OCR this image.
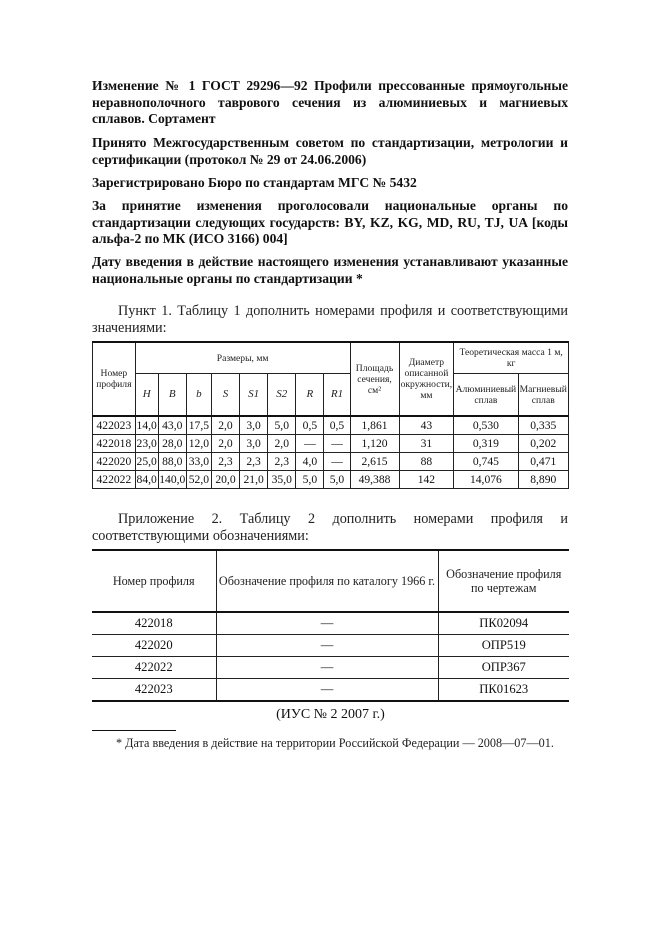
Изменение № 1 ГОСТ 29296—92 Профили прессованные прямоугольные неравнополочного таврового сечения из алюминиевых и магниевых сплавов. Сортамент

Принято Межгосударственным советом по стандартизации, метрологии и сертификации (протокол № 29 от 24.06.2006)

Зарегистрировано Бюро по стандартам МГС № 5432

За принятие изменения проголосовали национальные органы по стандартизации следующих государств: BY, KZ, KG, MD, RU, TJ, UA [коды альфа-2 по МК (ИСО 3166) 004]

Дату введения в действие настоящего изменения устанавливают указанные национальные органы по стандартизации *

Пункт 1. Таблицу 1 дополнить номерами профиля и соответствующими значениями:

Номер профиля	Размеры, мм								Площадь сечения, см²	Диаметр описанной окружности, мм	Теоретическая масса 1 м, кг	
	H	B	b	S	S1	S2	R	R1			Алюминиевый сплав	Магниевый сплав
422023	14,0	43,0	17,5	2,0	3,0	5,0	0,5	0,5	1,861	43	0,530	0,335
422018	23,0	28,0	12,0	2,0	3,0	2,0	—	—	1,120	31	0,319	0,202
422020	25,0	88,0	33,0	2,3	2,3	2,3	4,0	—	2,615	88	0,745	0,471
422022	84,0	140,0	52,0	20,0	21,0	35,0	5,0	5,0	49,388	142	14,076	8,890

Приложение 2. Таблицу 2 дополнить номерами профиля и соответствующими обозначениями:

Номер профиля	Обозначение профиля по каталогу 1966 г.	Обозначение профиля по чертежам
422018	—	ПК02094
422020	—	ОПР519
422022	—	ОПР367
422023	—	ПК01623
(ИУС № 2 2007 г.)

* Дата введения в действие на территории Российской Федерации — 2008—07—01.
